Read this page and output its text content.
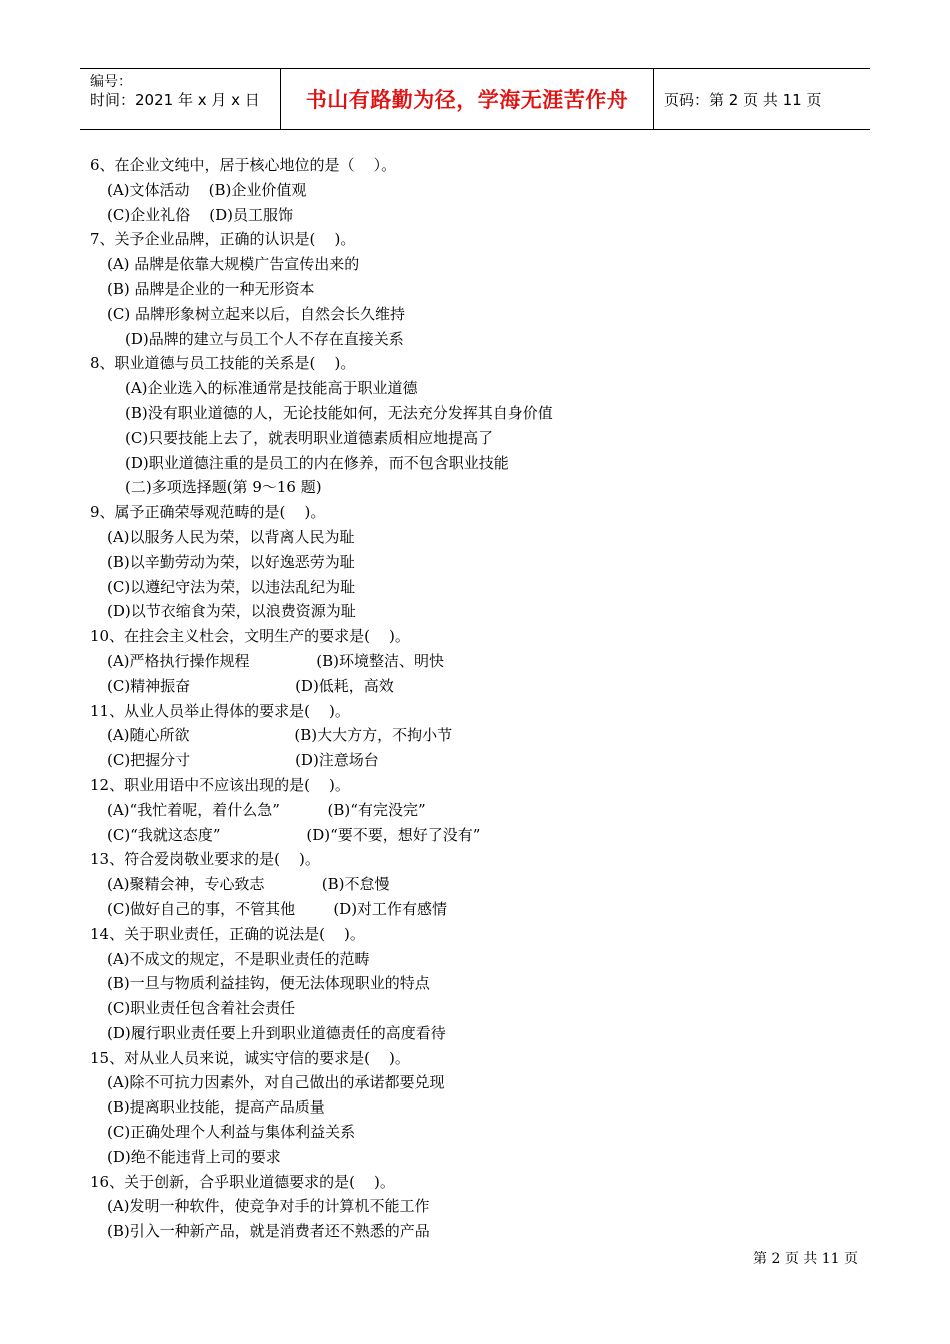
编号：
时间：2021 年 x 月 x 日	书山有路勤为径，学海无涯苦作舟	页码：第 2 页 共 11 页
6、在企业文纯中，居于核心地位的是（    ）。
(A)文体活动    (B)企业价值观
(C)企业礼俗    (D)员工服饰
7、关予企业品牌，正确的认识是(    )。
(A) 品牌是依靠大规模广告宣传出来的
(B) 品牌是企业的一种无形资本
(C) 品牌形象树立起来以后，自然会长久维持
(D)品牌的建立与员工个人不存在直接关系
8、职业道德与员工技能的关系是(    )。
(A)企业选入的标准通常是技能高于职业道德
(B)没有职业道德的人，无论技能如何，无法充分发挥其自身价值
(C)只要技能上去了，就表明职业道德素质相应地提高了
(D)职业道德注重的是员工的内在修养，而不包含职业技能
(二)多项选择题(第 9～16 题)
9、属予正确荣辱观范畴的是(    )。
(A)以服务人民为荣，以背离人民为耻
(B)以辛勤劳动为荣，以好逸恶劳为耻
(C)以遵纪守法为荣，以违法乱纪为耻
(D)以节衣缩食为荣，以浪费资源为耻
10、在拄会主义杜会，文明生产的要求是(    )。
(A)严格执行操作规程              (B)环境整洁、明快
(C)精神振奋                      (D)低耗，高效
11、从业人员举止得体的要求是(    )。
(A)随心所欲                      (B)大大方方，不拘小节
(C)把握分寸                      (D)注意场台
12、职业用语中不应该出现的是(    )。
(A)“我忙着呢，着什么急”          (B)“有完没完”
(C)“我就这态度”                  (D)“要不要，想好了没有”
13、符合爱岗敬业要求的是(    )。
(A)聚精会神，专心致志            (B)不怠慢
(C)做好自己的事，不管其他        (D)对工作有感情
14、关于职业责任，正确的说法是(    )。
(A)不成文的规定，不是职业责任的范畴
(B)一旦与物质利益挂钩，便无法体现职业的特点
(C)职业责任包含着社会责任
(D)履行职业责任要上升到职业道德责任的高度看待
15、对从业人员来说，诚实守信的要求是(    )。
(A)除不可抗力因素外，对自己做出的承诺都要兑现
(B)提离职业技能，提高产品质量
(C)正确处理个人利益与集体利益关系
(D)绝不能违背上司的要求
16、关于创新，合乎职业道德要求的是(    )。
(A)发明一种软件，使竞争对手的计算机不能工作
(B)引入一种新产品，就是消费者还不熟悉的产品
第 2 页 共 11 页
